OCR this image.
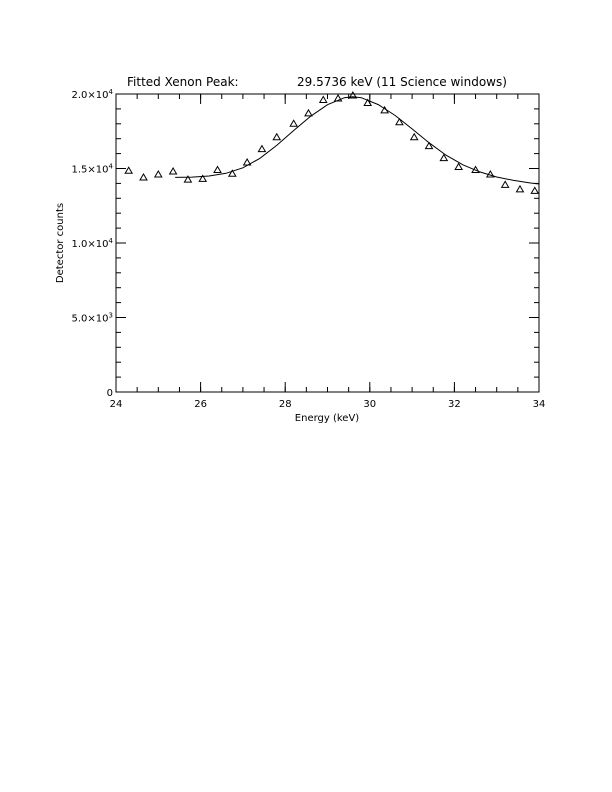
Fitted Xenon Peak:	29.5736 keV (11 Science windows)
24	26	28	30	32	34
0
$5.0\times 10^3$
$1.0\times 10^4$
$1.5\times 10^4$
$2.0\times 10^4$
Energy (keV)
Detector counts
